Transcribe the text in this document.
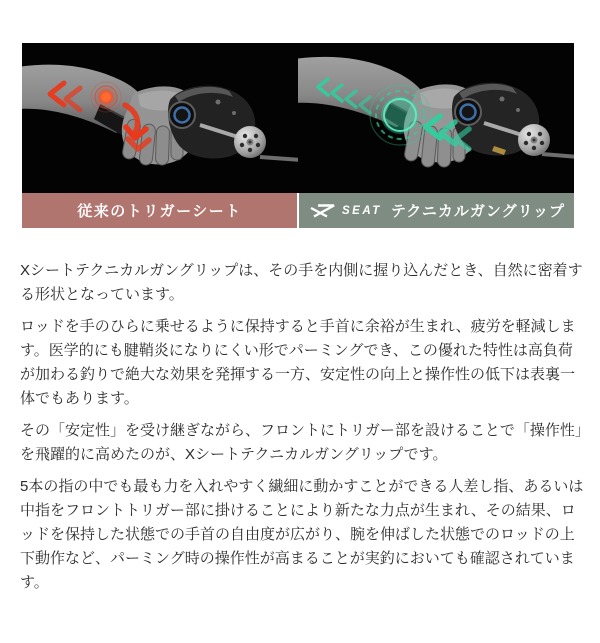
従来のトリガーシート	SEAT テクニカルガングリップ

Xシートテクニカルガングリップは、その手を内側に握り込んだとき、自然に密着する形状となっています。

ロッドを手のひらに乗せるように保持すると手首に余裕が生まれ、疲労を軽減します。医学的にも腱鞘炎になりにくい形でパーミングでき、この優れた特性は高負荷が加わる釣りで絶大な効果を発揮する一方、安定性の向上と操作性の低下は表裏一体でもあります。

その「安定性」を受け継ぎながら、フロントにトリガー部を設けることで「操作性」を飛躍的に高めたのが、Xシートテクニカルガングリップです。

5本の指の中でも最も力を入れやすく繊細に動かすことができる人差し指、あるいは中指をフロントトリガー部に掛けることにより新たな力点が生まれ、その結果、ロッドを保持した状態での手首の自由度が広がり、腕を伸ばした状態でのロッドの上下動作など、パーミング時の操作性が高まることが実釣においても確認されています。
